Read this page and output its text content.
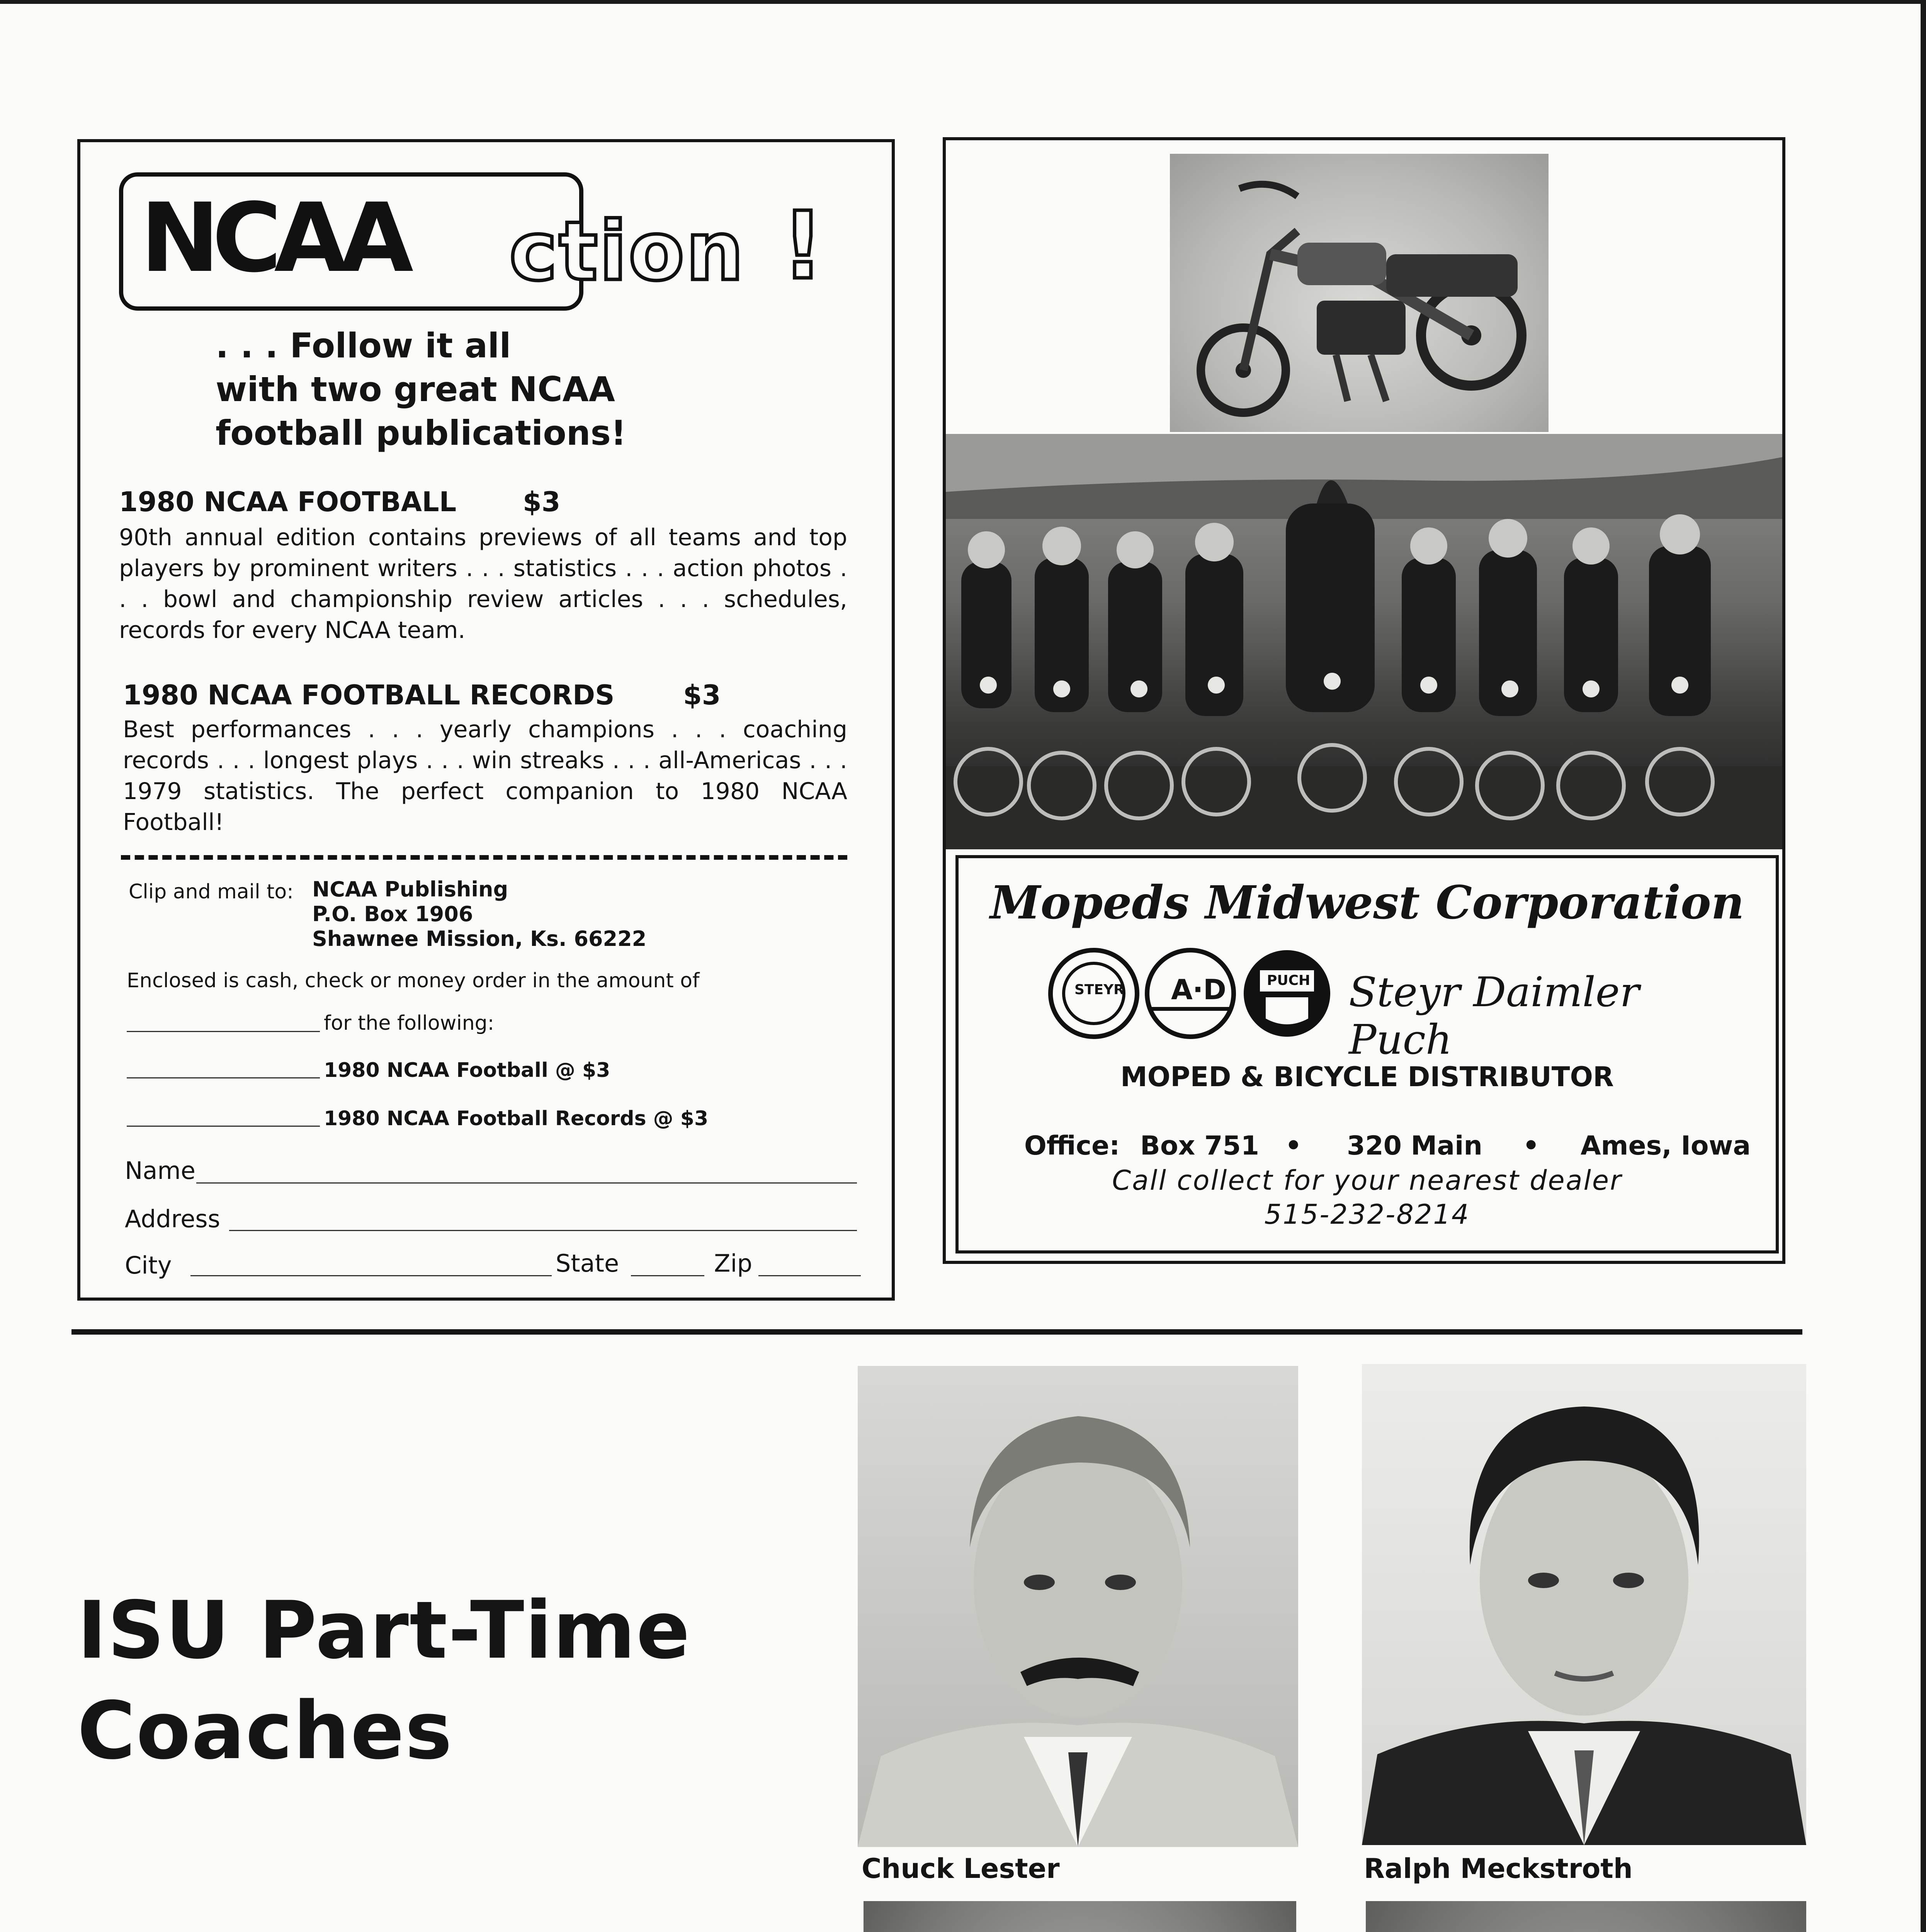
NCAA ction !
. . . Follow it all
with two great NCAA
football publications!
1980 NCAA FOOTBALL $3
90th annual edition contains previews of all teams and top players by prominent writers . . . statistics . . . action photos . . . bowl and championship review articles . . . schedules, records for every NCAA team.
1980 NCAA FOOTBALL RECORDS	$3
Best performances . . . yearly champions . . . coaching records . . . longest plays . . . win streaks . . . all-Americas . . . 1979 statistics. The perfect companion to 1980 NCAA Football!
Clip and mail to: NCAA Publishing
P.O. Box 1906
Shawnee Mission, Ks. 66222
Enclosed is cash, check or money order in the amount of
for the following:
1980 NCAA Football @ $3
1980 NCAA Football Records @ $3
Name
Address
City	State	Zip
Mopeds Midwest Corporation
STEYR A·D	PUCH Steyr Daimler Puch
MOPED & BICYCLE DISTRIBUTOR
Office: Box 751 • 320 Main • Ames, Iowa
Call collect for your nearest dealer
515-232-8214
ISU Part-Time
Coaches
Chuck Lester	Ralph Meckstroth
